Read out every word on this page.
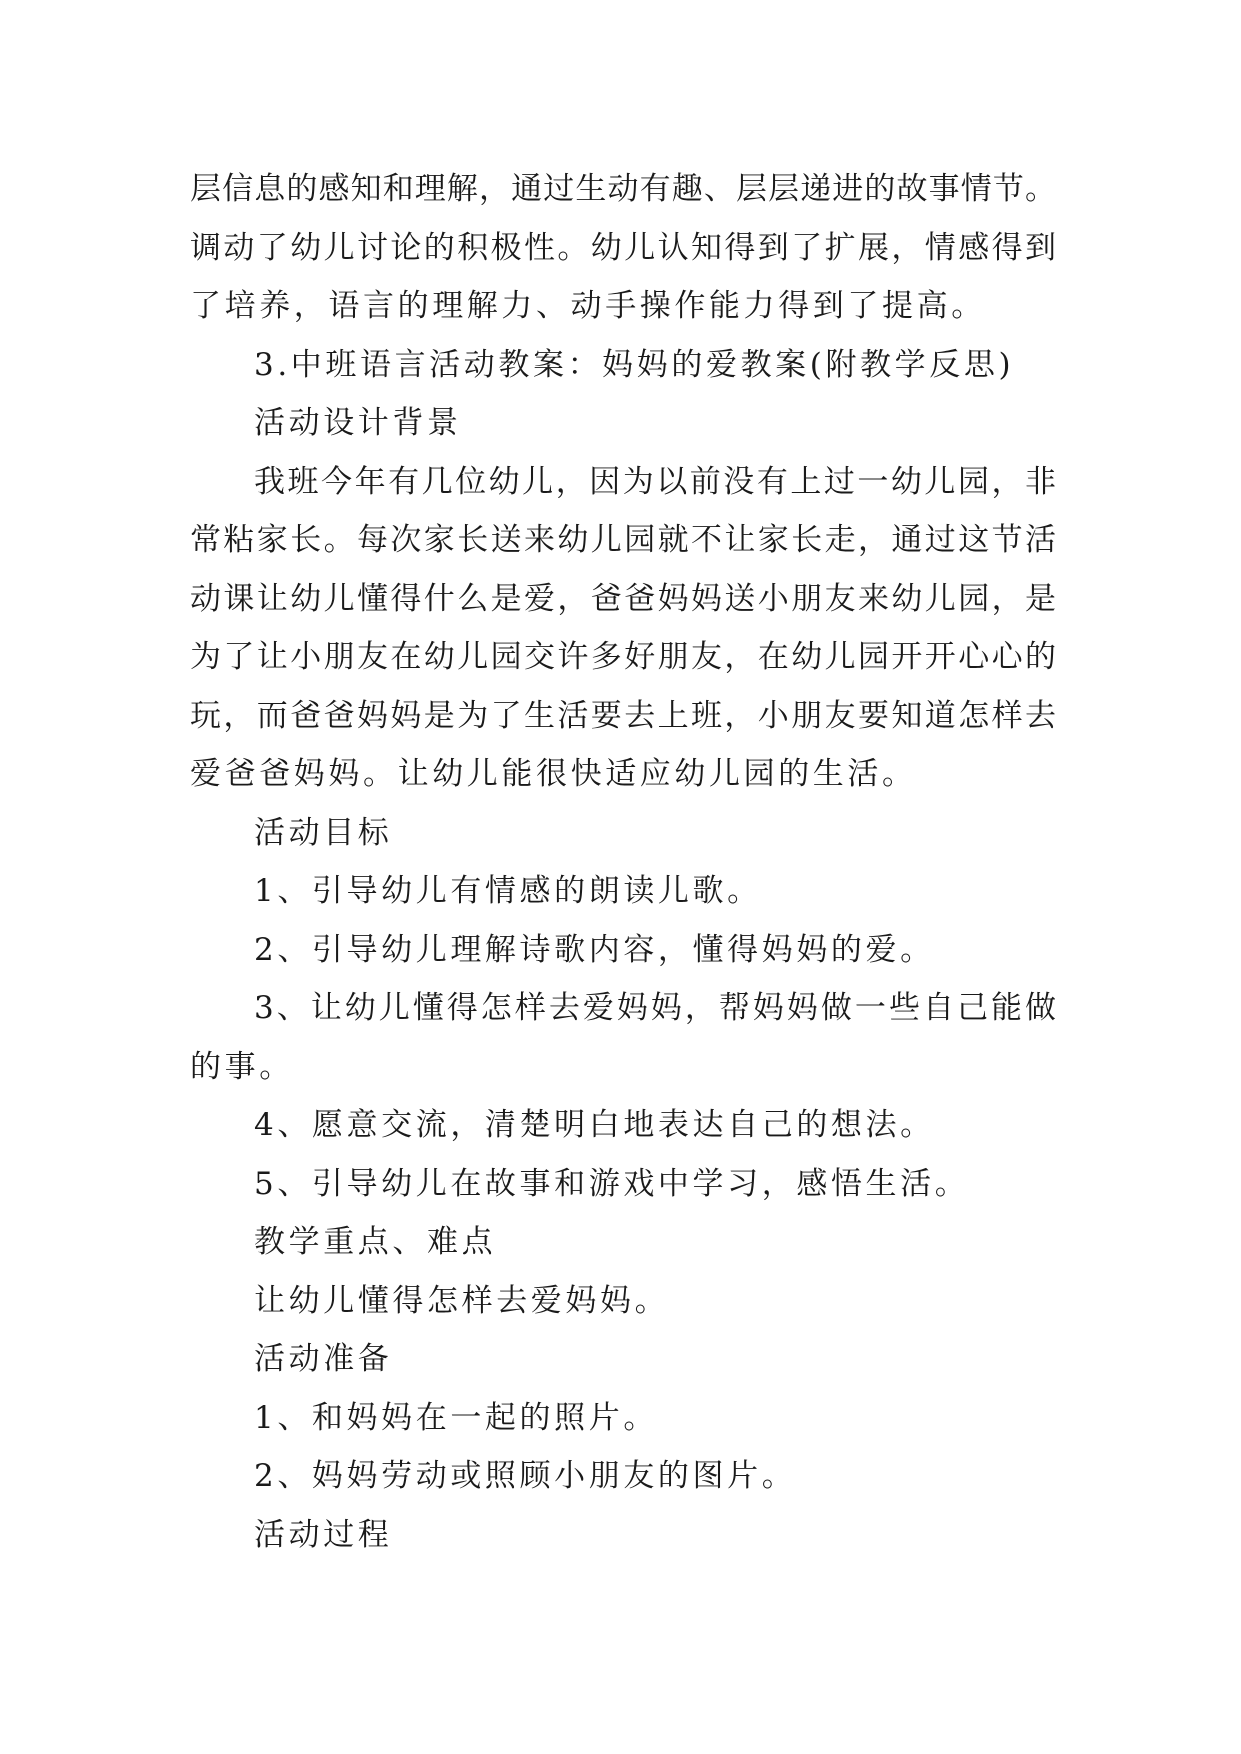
层信息的感知和理解，通过生动有趣、层层递进的故事情节。
调动了幼儿讨论的积极性。幼儿认知得到了扩展，情感得到
了培养，语言的理解力、动手操作能力得到了提高。
3.中班语言活动教案：妈妈的爱教案(附教学反思)
活动设计背景
我班今年有几位幼儿，因为以前没有上过一幼儿园，非
常粘家长。每次家长送来幼儿园就不让家长走，通过这节活
动课让幼儿懂得什么是爱，爸爸妈妈送小朋友来幼儿园，是
为了让小朋友在幼儿园交许多好朋友，在幼儿园开开心心的
玩，而爸爸妈妈是为了生活要去上班，小朋友要知道怎样去
爱爸爸妈妈。让幼儿能很快适应幼儿园的生活。
活动目标
1、引导幼儿有情感的朗读儿歌。
2、引导幼儿理解诗歌内容，懂得妈妈的爱。
3、让幼儿懂得怎样去爱妈妈，帮妈妈做一些自己能做
的事。
4、愿意交流，清楚明白地表达自己的想法。
5、引导幼儿在故事和游戏中学习，感悟生活。
教学重点、难点
让幼儿懂得怎样去爱妈妈。
活动准备
1、和妈妈在一起的照片。
2、妈妈劳动或照顾小朋友的图片。
活动过程
